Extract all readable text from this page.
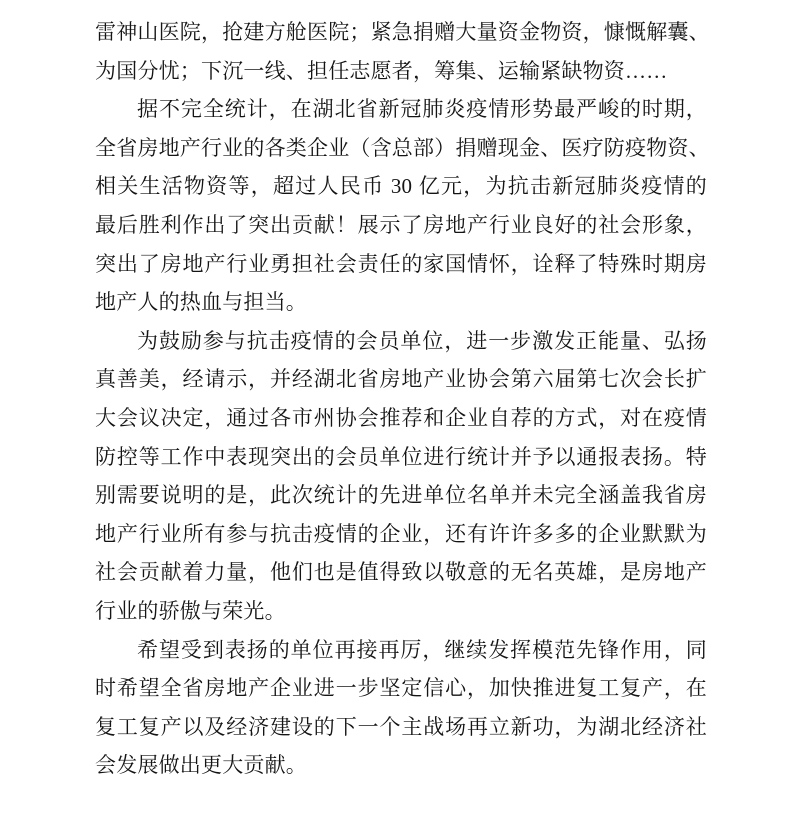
雷神山医院，抢建方舱医院；紧急捐赠大量资金物资，慷慨解囊、
为国分忧；下沉一线、担任志愿者，筹集、运输紧缺物资……
据不完全统计，在湖北省新冠肺炎疫情形势最严峻的时期，
全省房地产行业的各类企业（含总部）捐赠现金、医疗防疫物资、
相关生活物资等，超过人民币 30 亿元，为抗击新冠肺炎疫情的
最后胜利作出了突出贡献！展示了房地产行业良好的社会形象，
突出了房地产行业勇担社会责任的家国情怀，诠释了特殊时期房
地产人的热血与担当。
为鼓励参与抗击疫情的会员单位，进一步激发正能量、弘扬
真善美，经请示，并经湖北省房地产业协会第六届第七次会长扩
大会议决定，通过各市州协会推荐和企业自荐的方式，对在疫情
防控等工作中表现突出的会员单位进行统计并予以通报表扬。特
别需要说明的是，此次统计的先进单位名单并未完全涵盖我省房
地产行业所有参与抗击疫情的企业，还有许许多多的企业默默为
社会贡献着力量，他们也是值得致以敬意的无名英雄，是房地产
行业的骄傲与荣光。
希望受到表扬的单位再接再厉，继续发挥模范先锋作用，同
时希望全省房地产企业进一步坚定信心，加快推进复工复产，在
复工复产以及经济建设的下一个主战场再立新功，为湖北经济社
会发展做出更大贡献。
